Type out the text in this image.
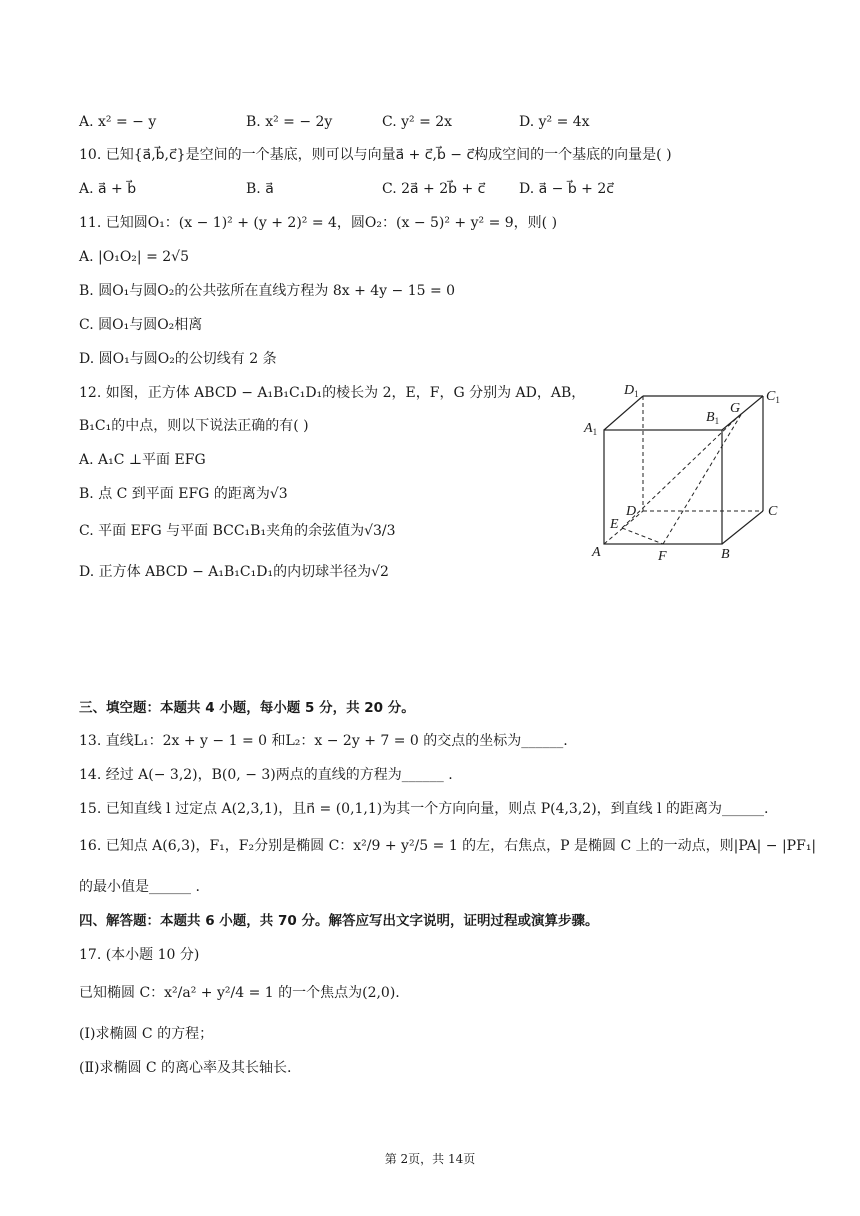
A. x² = − y	B. x² = − 2y	C. y² = 2x	D. y² = 4x
10. 已知{a⃗,b⃗,c⃗}是空间的一个基底，则可以与向量a⃗ + c⃗,b⃗ − c⃗构成空间的一个基底的向量是( )
A. a⃗ + b⃗	B. a⃗	C. 2a⃗ + 2b⃗ + c⃗ D. a⃗ − b⃗ + 2c⃗
11. 已知圆O₁：(x − 1)² + (y + 2)² = 4，圆O₂：(x − 5)² + y² = 9，则( )
A. |O₁O₂| = 2√5
B. 圆O₁与圆O₂的公共弦所在直线方程为 8x + 4y − 15 = 0
C. 圆O₁与圆O₂相离
D. 圆O₁与圆O₂的公切线有 2 条
12. 如图，正方体 ABCD − A₁B₁C₁D₁的棱长为 2，E，F，G 分别为 AD，AB，
B₁C₁的中点，则以下说法正确的有( )
A. A₁C ⊥平面 EFG
B. 点 C 到平面 EFG 的距离为√3
C. 平面 EFG 与平面 BCC₁B₁夹角的余弦值为√3/3
D. 正方体 ABCD − A₁B₁C₁D₁的内切球半径为√2
$D_1$	$C_1$
$A_1$
$B_1$
G
D	C
E
A	F	B
三、填空题：本题共 4 小题，每小题 5 分，共 20 分。
13. 直线L₁：2x + y − 1 = 0 和L₂：x − 2y + 7 = 0 的交点的坐标为______.
14. 经过 A(− 3,2)，B(0, − 3)两点的直线的方程为______ .
15. 已知直线 l 过定点 A(2,3,1)，且n⃗ = (0,1,1)为其一个方向向量，则点 P(4,3,2)，到直线 l 的距离为______.
16. 已知点 A(6,3)，F₁，F₂分别是椭圆 C：x²/9 + y²/5 = 1 的左，右焦点，P 是椭圆 C 上的一动点，则|PA| − |PF₁|
的最小值是______ .
四、解答题：本题共 6 小题，共 70 分。解答应写出文字说明，证明过程或演算步骤。
17. (本小题 10 分)
已知椭圆 C：x²/a² + y²/4 = 1 的一个焦点为(2,0).
(Ⅰ)求椭圆 C 的方程；
(Ⅱ)求椭圆 C 的离心率及其长轴长.
第 2页，共 14页
